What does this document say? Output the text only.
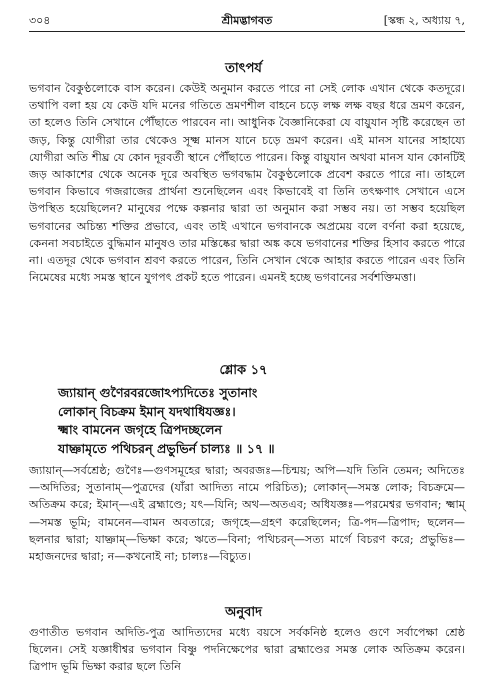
৩০৪	শ্রীমদ্ভাগবত	[স্কন্ধ ২, অধ্যায় ৭,
তাৎপর্য
ভগবান বৈকুণ্ঠলোকে বাস করেন। কেউই অনুমান করতে পারে না সেই লোক এখান থেকে কতদূরে। তথাপি বলা হয় যে কেউ যদি মনের গতিতে ভ্রমণশীল বাহনে চড়ে লক্ষ লক্ষ বছর ধরে ভ্রমণ করেন, তা হলেও তিনি সেখানে পৌঁছাতে পারবেন না। আধুনিক বৈজ্ঞানিকেরা যে বায়ুযান সৃষ্টি করেছেন তা জড়, কিন্তু যোগীরা তার থেকেও সূক্ষ্ম মানস যানে চড়ে ভ্রমণ করেন। এই মানস যানের সাহায্যে যোগীরা অতি শীঘ্র যে কোন দূরবর্তী স্থানে পৌঁছাতে পারেন। কিন্তু বায়ুযান অথবা মানস যান কোনটিই জড় আকাশের থেকে অনেক দূরে অবস্থিত ভগবদ্ধাম বৈকুণ্ঠলোকে প্রবেশ করতে পারে না। তাহলে ভগবান কিভাবে গজরাজের প্রার্থনা শুনেছিলেন এবং কিভাবেই বা তিনি তৎক্ষণাৎ সেখানে এসে উপস্থিত হয়েছিলেন? মানুষের পক্ষে কল্পনার দ্বারা তা অনুমান করা সম্ভব নয়। তা সম্ভব হয়েছিল ভগবানের অচিন্ত্য শক্তির প্রভাবে, এবং তাই এখানে ভগবানকে অপ্রমেয় বলে বর্ণনা করা হয়েছে, কেননা সবচাইতে বুদ্ধিমান মানুষও তার মস্তিষ্কের দ্বারা অঙ্ক কষে ভগবানের শক্তির হিসাব করতে পারে না। এতদূর থেকে ভগবান শ্রবণ করতে পারেন, তিনি সেখান থেকে আহার করতে পারেন এবং তিনি নিমেষের মধ্যে সমস্ত স্থানে যুগপৎ প্রকট হতে পারেন। এমনই হচ্ছে ভগবানের সর্বশক্তিমত্তা।
শ্লোক ১৭
জ্যায়ান্ গুণৈরবরজোঽপ্যদিতেঃ সুতানাং
লোকান্ বিচক্রম ইমান্ যদথাধিযজ্ঞঃ।
ক্ষ্মাং বামনেন জগৃহে ত্রিপদচ্ছলেন
যাচ্ঞামৃতে পথিচরন্ প্রভুভির্ন চাল্যঃ ॥ ১৭ ॥
জ্যায়ান্—সর্বশ্রেষ্ঠ; গুণৈঃ—গুণসমূহের দ্বারা; অবরজঃ—চিন্ময়; অপি—যদি তিনি তেমন; অদিতেঃ—অদিতির; সুতানাম্—পুত্রদের (যাঁরা আদিত্য নামে পরিচিত); লোকান্—সমস্ত লোক; বিচক্রমে—অতিক্রম করে; ইমান্—এই ব্রহ্মাণ্ডে; যৎ—যিনি; অথ—অতএব; অধিযজ্ঞঃ—পরমেশ্বর ভগবান; ক্ষ্মাম্—সমস্ত ভূমি; বামনেন—বামন অবতারে; জগৃহে—গ্রহণ করেছিলেন; ত্রি-পদ—ত্রিপাদ; ছলেন—ছলনার দ্বারা; যাচ্ঞাম্—ভিক্ষা করে; ঋতে—বিনা; পথিচরন্—সত্য মার্গে বিচরণ করে; প্রভুভিঃ—মহাজনদের দ্বারা; ন—কখনোই না; চাল্যঃ—বিচ্যুত।
অনুবাদ
গুণাতীত ভগবান অদিতি-পুত্র আদিত্যদের মধ্যে বয়সে সর্বকনিষ্ঠ হলেও গুণে সর্বাপেক্ষা শ্রেষ্ঠ ছিলেন। সেই যজ্ঞাধীশ্বর ভগবান বিষ্ণু পদনিক্ষেপের দ্বারা ব্রহ্মাণ্ডের সমস্ত লোক অতিক্রম করেন। ত্রিপাদ ভূমি ভিক্ষা করার ছলে তিনি
